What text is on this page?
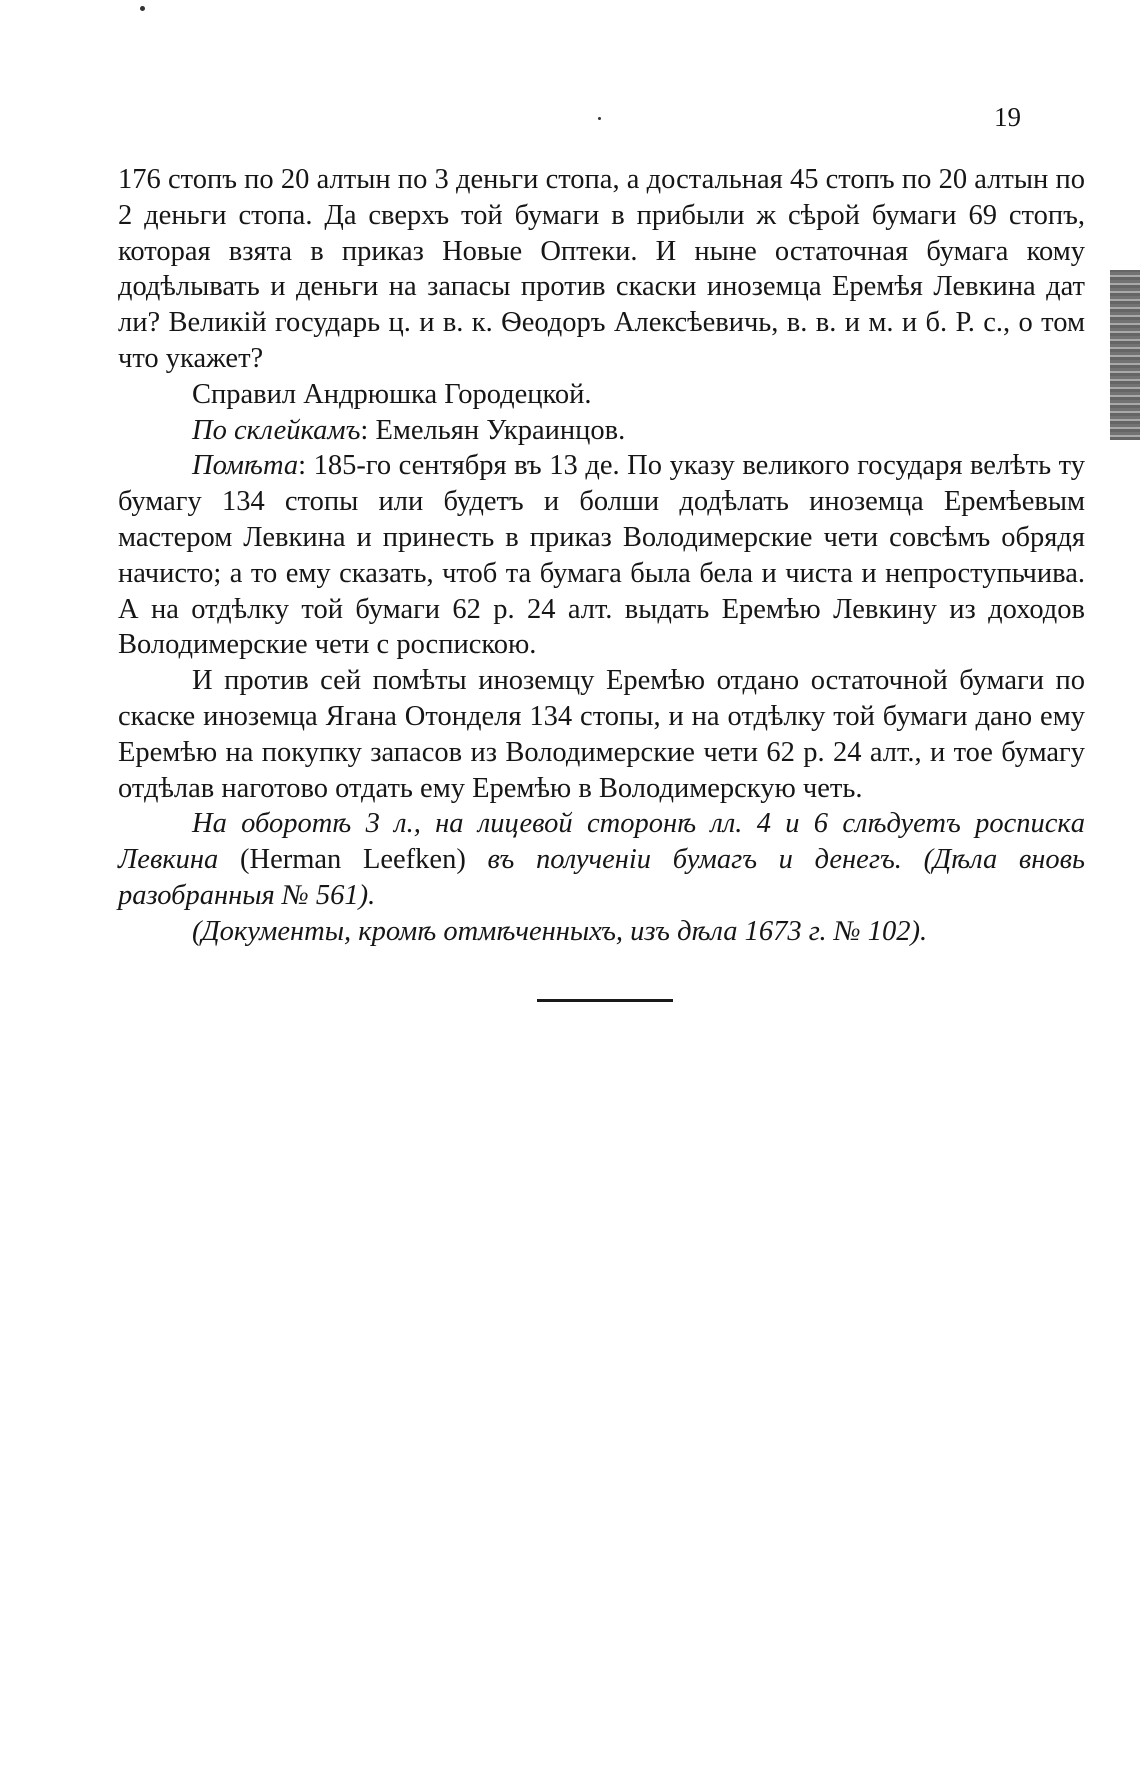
19

176 стопъ по 20 алтын по 3 деньги стопа, а достальная 45 стопъ по 20 алтын по 2 деньги стопа. Да сверхъ той бумаги в прибыли ж сѣрой бумаги 69 стопъ, которая взята в приказ Новые Оптеки. И ныне остаточная бумага кому додѣлывать и деньги на запасы против скаски иноземца Еремѣя Левкина дат ли? Великій государь ц. и в. к. Ѳеодоръ Алексѣевичь, в. в. и м. и б. Р. с., о том что укажет?

Справил Андрюшка Городецкой.

По склейкамъ: Емельян Украинцов.

Помѣта: 185-го сентября въ 13 де. По указу великого государя велѣть ту бумагу 134 стопы или будетъ и болши додѣлать иноземца Еремѣевым мастером Левкина и принесть в приказ Володимерские чети совсѣмъ обрядя начисто; а то ему сказать, чтоб та бумага была бела и чиста и непроступьчива. А на отдѣлку той бумаги 62 р. 24 алт. выдать Еремѣю Левкину из доходов Володимерские чети с роспискою.

И против сей помѣты иноземцу Еремѣю отдано остаточной бумаги по скаске иноземца Ягана Отонделя 134 стопы, и на отдѣлку той бумаги дано ему Еремѣю на покупку запасов из Володимерские чети 62 р. 24 алт., и тое бумагу отдѣлав наготово отдать ему Еремѣю в Володимерскую четь.

На оборотѣ 3 л., на лицевой сторонѣ лл. 4 и 6 слѣдуетъ роспискa Левкина (Herman Leefken) въ полученіи бумагъ и денегъ. (Дѣла вновь разобранныя № 561).

(Документы, кромѣ отмѣченныхъ, изъ дѣла 1673 г. № 102).
